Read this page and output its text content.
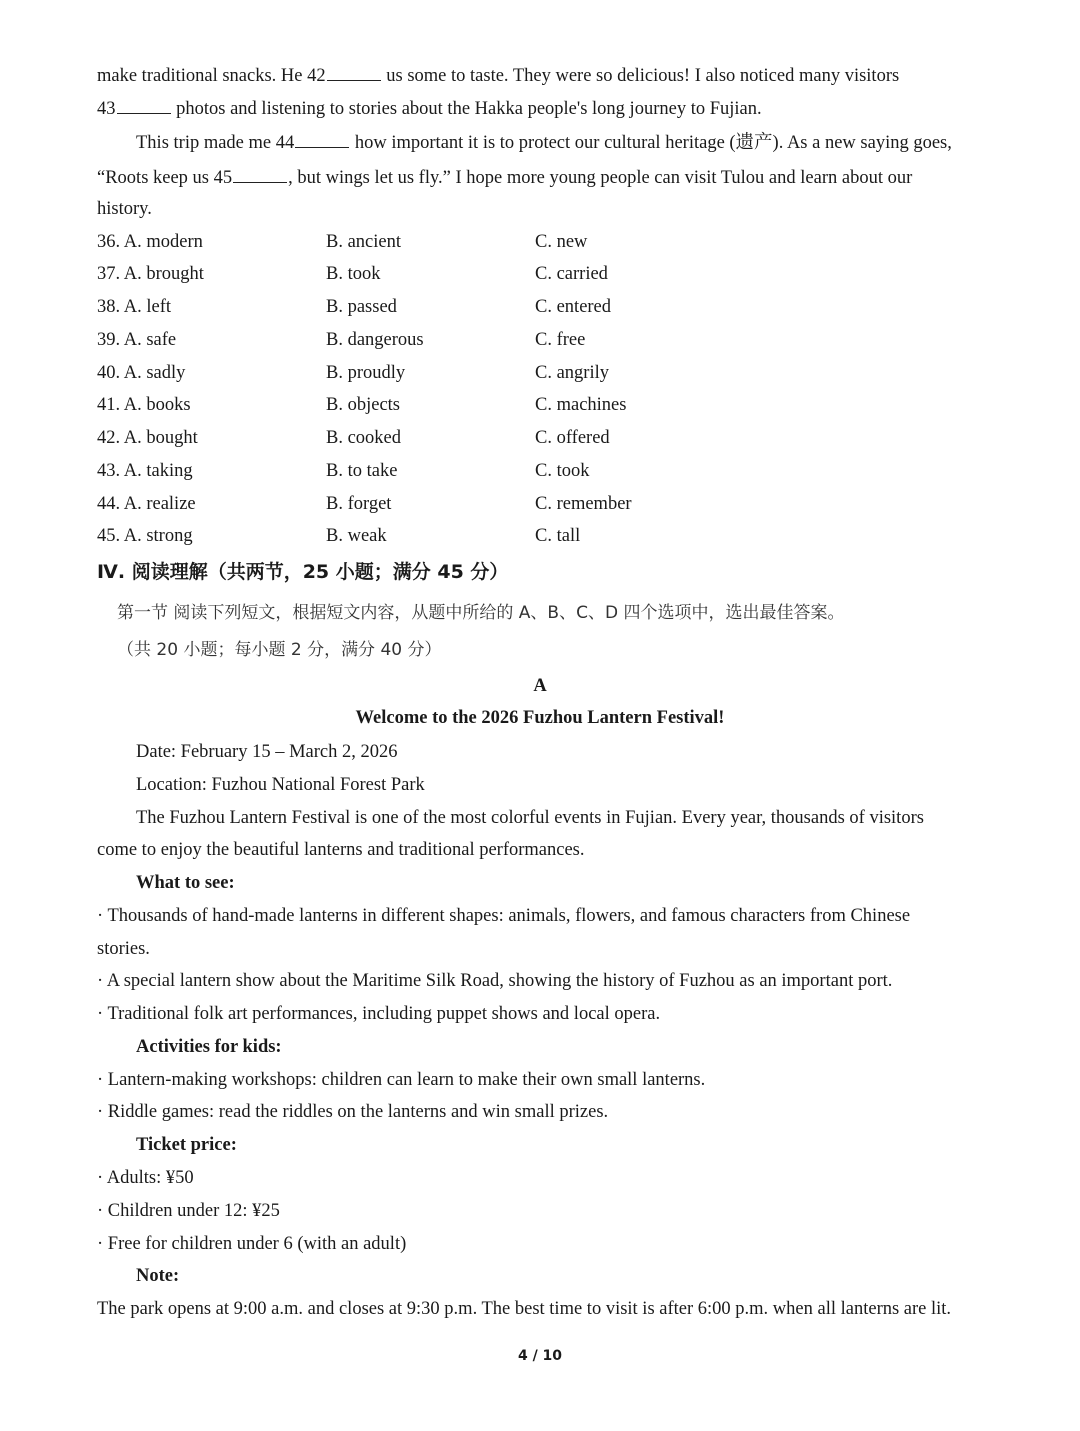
make traditional snacks. He 42	us some to taste. They were so delicious! I also noticed many visitors
43	photos and listening to stories about the Hakka people's long journey to Fujian.
This trip made me 44	how important it is to protect our cultural heritage (遗产). As a new saying goes,
“Roots keep us 45	, but wings let us fly.” I hope more young people can visit Tulou and learn about our
history.
36. A. modern	B. ancient	C. new
37. A. brought	B. took	C. carried
38. A. left	B. passed	C. entered
39. A. safe	B. dangerous	C. free
40. A. sadly	B. proudly	C. angrily
41. A. books	B. objects	C. machines
42. A. bought	B. cooked	C. offered
43. A. taking	B. to take	C. took
44. A. realize	B. forget	C. remember
45. A. strong	B. weak	C. tall
Ⅳ. 阅读理解（共两节，25 小题；满分 45 分）
第一节 阅读下列短文，根据短文内容，从题中所给的 A、B、C、D 四个选项中，选出最佳答案。
（共 20 小题；每小题 2 分，满分 40 分）
A
Welcome to the 2026 Fuzhou Lantern Festival!
Date: February 15 – March 2, 2026
Location: Fuzhou National Forest Park
The Fuzhou Lantern Festival is one of the most colorful events in Fujian. Every year, thousands of visitors
come to enjoy the beautiful lanterns and traditional performances.
What to see:
· Thousands of hand-made lanterns in different shapes: animals, flowers, and famous characters from Chinese
stories.
· A special lantern show about the Maritime Silk Road, showing the history of Fuzhou as an important port.
· Traditional folk art performances, including puppet shows and local opera.
Activities for kids:
· Lantern-making workshops: children can learn to make their own small lanterns.
· Riddle games: read the riddles on the lanterns and win small prizes.
Ticket price:
· Adults: ¥50
· Children under 12: ¥25
· Free for children under 6 (with an adult)
Note:
The park opens at 9:00 a.m. and closes at 9:30 p.m. The best time to visit is after 6:00 p.m. when all lanterns are lit.
4 / 10
